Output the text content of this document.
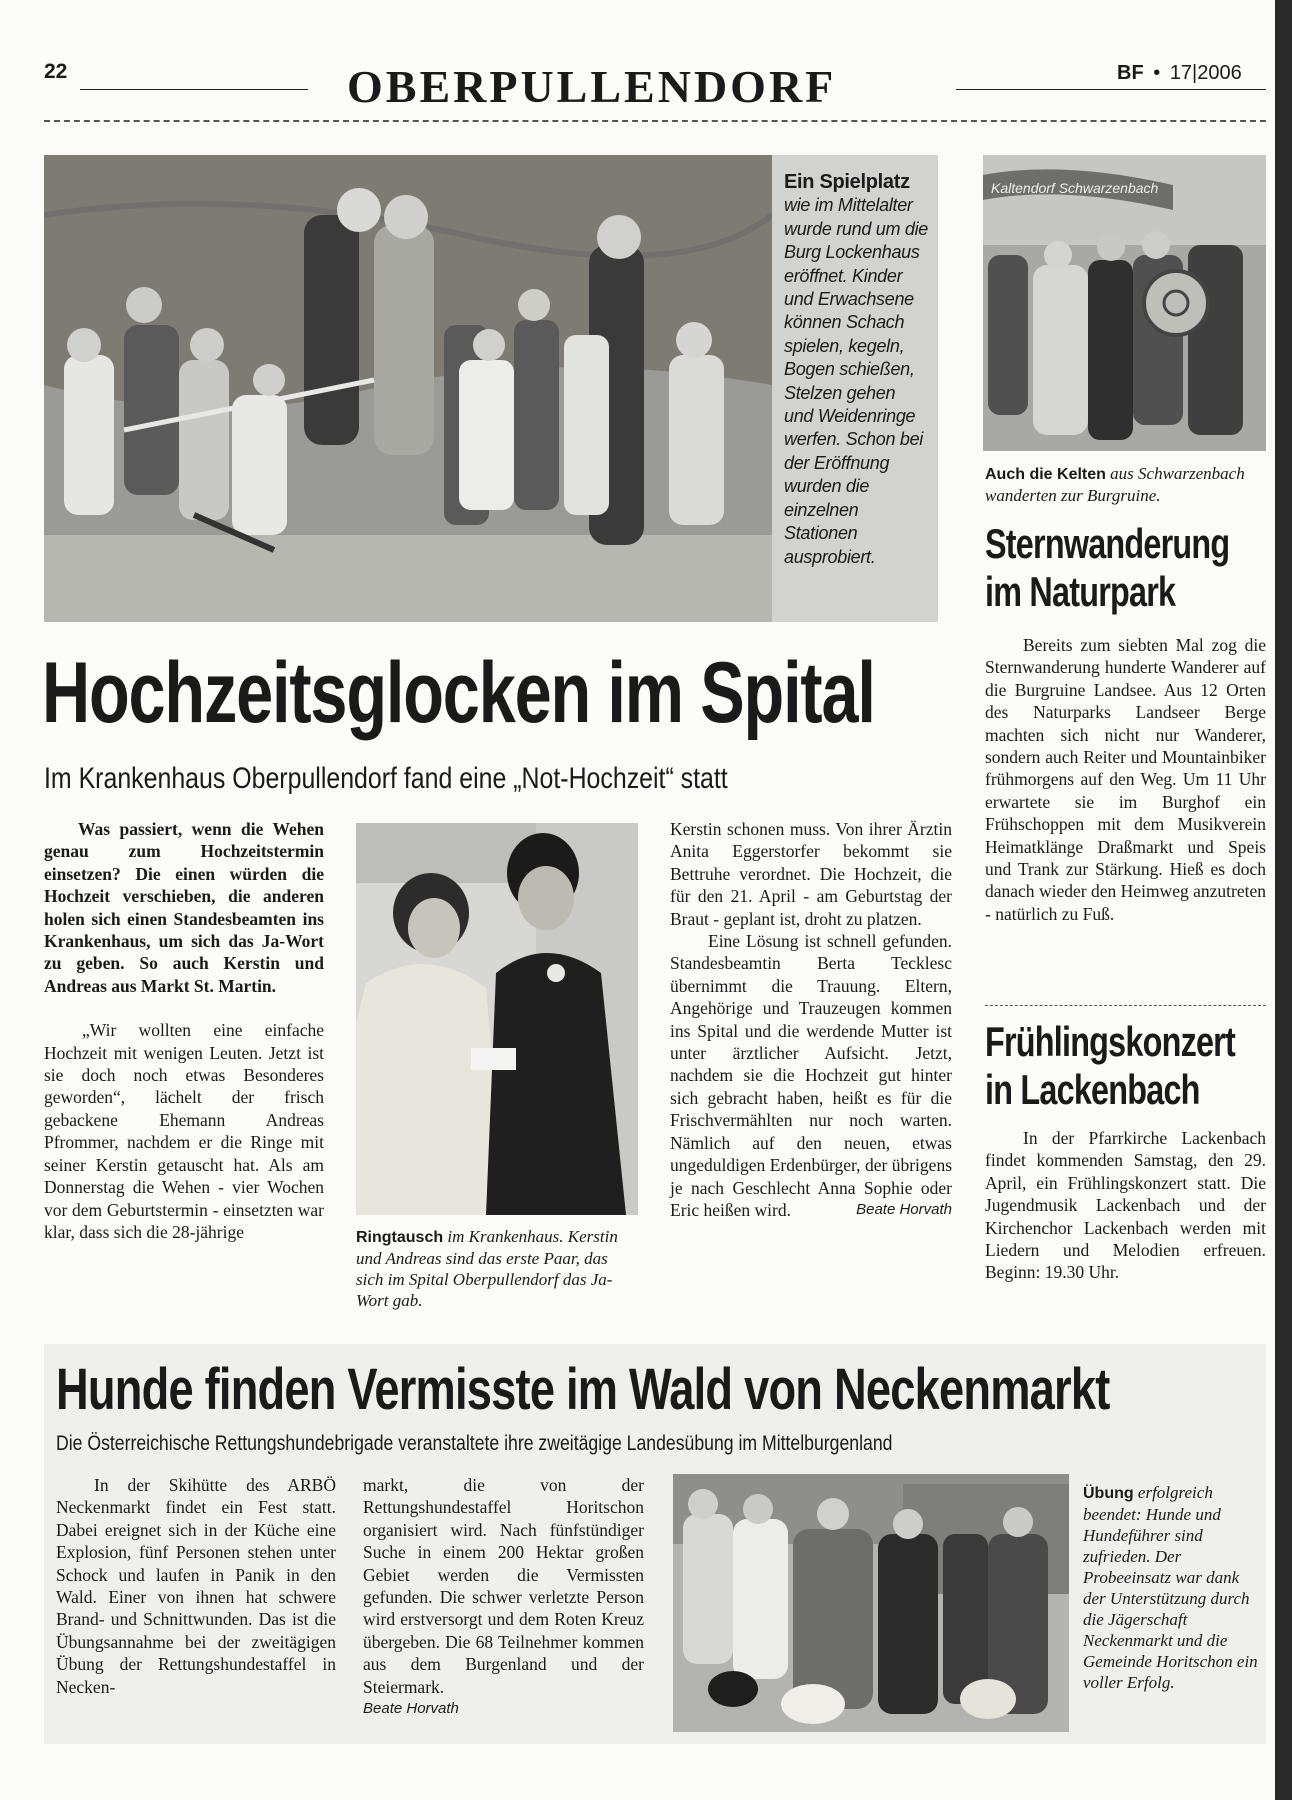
22	OBERPULLENDORF	BF • 17|2006
Ein Spielplatz
wie im Mittelalter wurde rund um die Burg Lockenhaus eröffnet. Kinder und Erwachsene können Schach spielen, kegeln, Bogen schießen, Stelzen gehen und Weidenringe werfen. Schon bei der Eröffnung wurden die einzelnen Stationen ausprobiert.
Kaltendorf Schwarzenbach
Auch die Kelten aus Schwarzenbach wanderten zur Burgruine.
Sternwanderung
im Naturpark

Bereits zum siebten Mal zog die Sternwanderung hunderte Wanderer auf die Burgruine Landsee. Aus 12 Orten des Naturparks Landseer Berge machten sich nicht nur Wanderer, sondern auch Reiter und Mountainbiker frühmorgens auf den Weg. Um 11 Uhr erwartete sie im Burghof ein Frühschoppen mit dem Musikverein Heimatklänge Draßmarkt und Speis und Trank zur Stärkung. Hieß es doch danach wieder den Heimweg anzutreten - natürlich zu Fuß.

Frühlingskonzert
in Lackenbach

In der Pfarrkirche Lackenbach findet kommenden Samstag, den 29. April, ein Frühlingskonzert statt. Die Jugendmusik Lackenbach und der Kirchenchor Lackenbach werden mit Liedern und Melodien erfreuen. Beginn: 19.30 Uhr.

Hochzeitsglocken im Spital
Im Krankenhaus Oberpullendorf fand eine „Not-Hochzeit“ statt
Was passiert, wenn die Wehen genau zum Hochzeitstermin einsetzen? Die einen würden die Hochzeit verschieben, die anderen holen sich einen Standesbeamten ins Krankenhaus, um sich das Ja-Wort zu geben. So auch Kerstin und Andreas aus Markt St. Martin.

„Wir wollten eine einfache Hochzeit mit wenigen Leuten. Jetzt ist sie doch noch etwas Besonderes geworden“, lächelt der frisch gebackene Ehemann Andreas Pfrommer, nachdem er die Ringe mit seiner Kerstin getauscht hat. Als am Donnerstag die Wehen - vier Wochen vor dem Geburtstermin - einsetzten war klar, dass sich die 28-jährige	Ringtausch im Krankenhaus. Kerstin und Andreas sind das erste Paar, das sich im Spital Oberpullendorf das Ja-Wort gab.

Kerstin schonen muss. Von ihrer Ärztin Anita Eggerstorfer bekommt sie Bettruhe verordnet. Die Hochzeit, die für den 21. April - am Geburtstag der Braut - geplant ist, droht zu platzen.

Eine Lösung ist schnell gefunden. Standesbeamtin Berta Tecklesc übernimmt die Trauung. Eltern, Angehörige und Trauzeugen kommen ins Spital und die werdende Mutter ist unter ärztlicher Aufsicht. Jetzt, nachdem sie die Hochzeit gut hinter sich gebracht haben, heißt es für die Frischvermählten nur noch warten. Nämlich auf den neuen, etwas ungeduldigen Erdenbürger, der übrigens je nach Geschlecht Anna Sophie oder Eric heißen wird.	Beate Horvath
Hunde finden Vermisste im Wald von Neckenmarkt
Die Österreichische Rettungshundebrigade veranstaltete ihre zweitägige Landesübung im Mittelburgenland

In der Skihütte des ARBÖ Neckenmarkt findet ein Fest statt. Dabei ereignet sich in der Küche eine Explosion, fünf Personen stehen unter Schock und laufen in Panik in den Wald. Einer von ihnen hat schwere Brand- und Schnittwunden. Das ist die Übungsannahme bei der zweitägigen Übung der Rettungshundestaffel in Necken-

markt, die von der Rettungshundestaffel Horitschon organisiert wird. Nach fünfstündiger Suche in einem 200 Hektar großen Gebiet werden die Vermissten gefunden. Die schwer verletzte Person wird erstversorgt und dem Roten Kreuz übergeben. Die 68 Teilnehmer kommen aus dem Burgenland und der Steiermark.

Beate Horvath
Übung erfolgreich beendet: Hunde und Hundeführer sind zufrieden. Der Probeeinsatz war dank der Unterstützung durch die Jägerschaft Neckenmarkt und die Gemeinde Horitschon ein voller Erfolg.
